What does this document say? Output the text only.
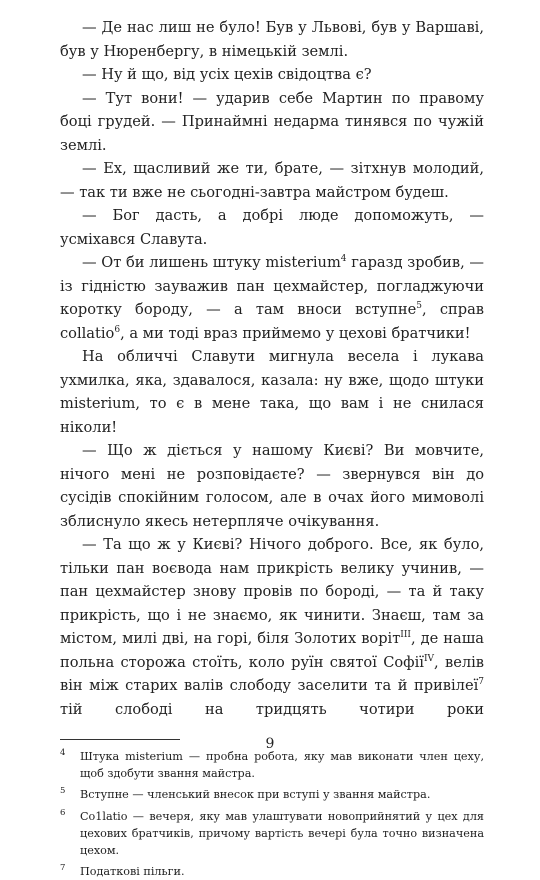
— Де нас лиш не було! Був у Львові, був у Варшаві, був у Нюренбергу, в німецькій землі.

— Ну й що, від усіх цехів свідоцтва є?

— Тут вони! — ударив себе Мартин по правому боці грудей. — Принаймні недарма тинявся по чужій землі.

— Ех, щасливий же ти, брате, — зітхнув молодий, — так ти вже не сьогодні-завтра майстром будеш.

— Бог дасть, а добрі люде допоможуть, — усміхався Славута.

— От би лишень штуку misterium$^4$ гаразд зробив, — із гідністю зауважив пан цехмайстер, погладжуючи коротку бороду, — а там вноси вступне$^5$, справ collatio$^6$, а ми тоді враз приймемо у цехові братчики!

На обличчі Славути мигнула весела і лукава ухмилка, яка, здавалося, казала: ну вже, щодо штуки misterium, то є в мене така, що вам і не снилася ніколи!

— Що ж діється у нашому Києві? Ви мовчите, нічого мені не розповідаєте? — звернувся він до сусідів спокійним голосом, але в очах його мимоволі зблиснуло якесь нетерпляче очікування.

— Та що ж у Києві? Нічого доброго. Все, як було, тільки пан воєвода нам прикрість велику учинив, — пан цехмайстер знову провів по бороді, — та й таку прикрість, що і не знаємо, як чинити. Знаєш, там за містом, милі дві, на горі, біля Золотих воріт$^{III}$, де наша польна сторожа стоїть, коло руїн святої Софії$^{IV}$, велів він між старих валів слободу заселити та й привілеї$^7$ тій слободі на тридцять чотири роки

4 Штука misterium — пробна робота, яку мав виконати член цеху, щоб здобути звання майстра.
5 Вступне — членський внесок при вступі у звання майстра.
6 Co1latio — вечеря, яку мав улаштувати новоприйнятий у цех для цехових братчиків, причому вартість вечері була точно визначена цехом.
7 Податкові пільги.
9
